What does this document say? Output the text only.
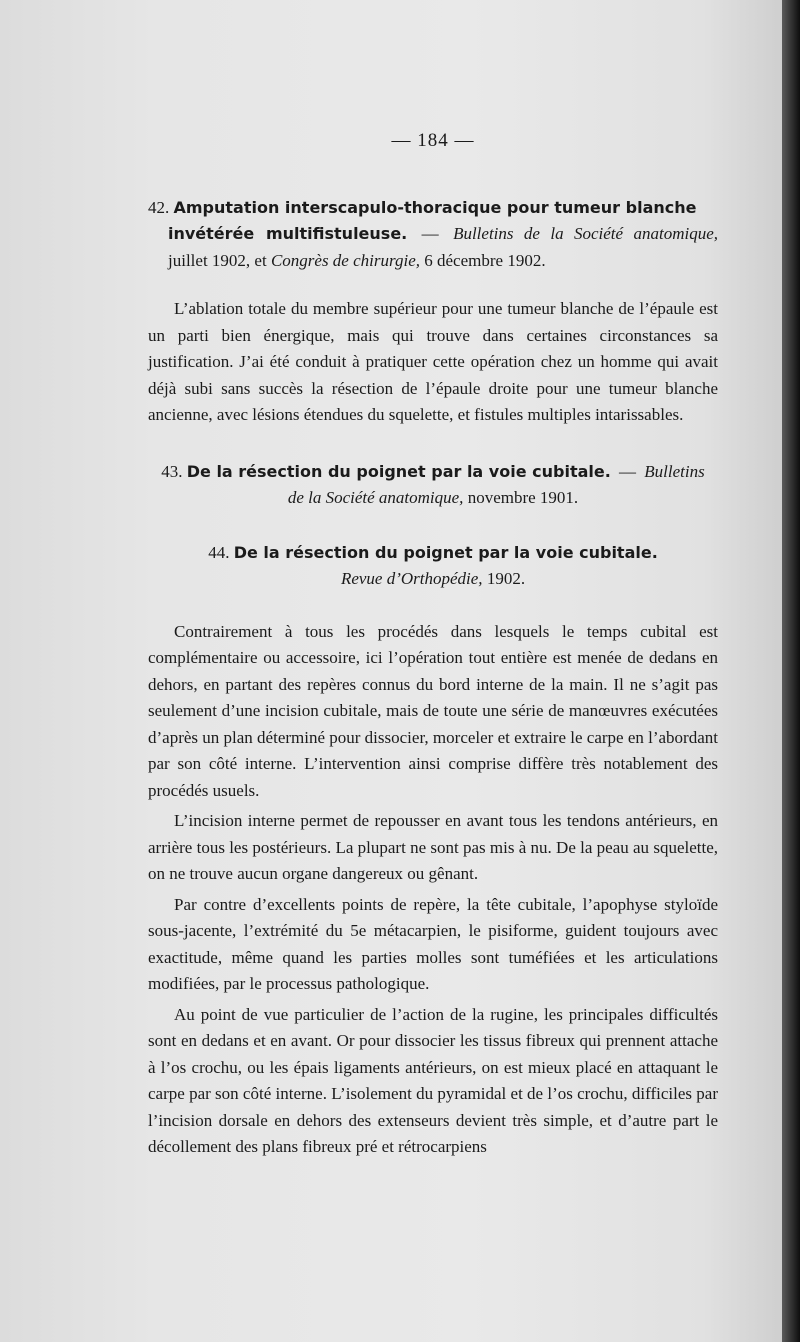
— 184 —
42. Amputation interscapulo-thoracique pour tumeur blanche
invétérée multifistuleuse. — Bulletins de la Société anatomique, juillet 1902, et Congrès de chirurgie, 6 décembre 1902.

L’ablation totale du membre supérieur pour une tumeur blanche de l’épaule est un parti bien énergique, mais qui trouve dans certaines circonstances sa justification. J’ai été conduit à pratiquer cette opération chez un homme qui avait déjà subi sans succès la résection de l’épaule droite pour une tumeur blanche ancienne, avec lésions étendues du squelette, et fistules multiples intarissables.

43. De la résection du poignet par la voie cubitale. — Bulletins
de la Société anatomique, novembre 1901.
44. De la résection du poignet par la voie cubitale.
Revue d’Orthopédie, 1902.

Contrairement à tous les procédés dans lesquels le temps cubital est complémentaire ou accessoire, ici l’opération tout entière est menée de dedans en dehors, en partant des repères connus du bord interne de la main. Il ne s’agit pas seulement d’une incision cubitale, mais de toute une série de manœuvres exécutées d’après un plan déterminé pour dissocier, morceler et extraire le carpe en l’abordant par son côté interne. L’intervention ainsi comprise diffère très notablement des procédés usuels.

L’incision interne permet de repousser en avant tous les tendons antérieurs, en arrière tous les postérieurs. La plupart ne sont pas mis à nu. De la peau au squelette, on ne trouve aucun organe dangereux ou gênant.

Par contre d’excellents points de repère, la tête cubitale, l’apophyse styloïde sous-jacente, l’extrémité du 5e métacarpien, le pisiforme, guident toujours avec exactitude, même quand les parties molles sont tuméfiées et les articulations modifiées, par le processus pathologique.

Au point de vue particulier de l’action de la rugine, les principales difficultés sont en dedans et en avant. Or pour dissocier les tissus fibreux qui prennent attache à l’os crochu, ou les épais ligaments antérieurs, on est mieux placé en attaquant le carpe par son côté interne. L’isolement du pyramidal et de l’os crochu, difficiles par l’incision dorsale en dehors des extenseurs devient très simple, et d’autre part le décollement des plans fibreux pré et rétrocarpiens
